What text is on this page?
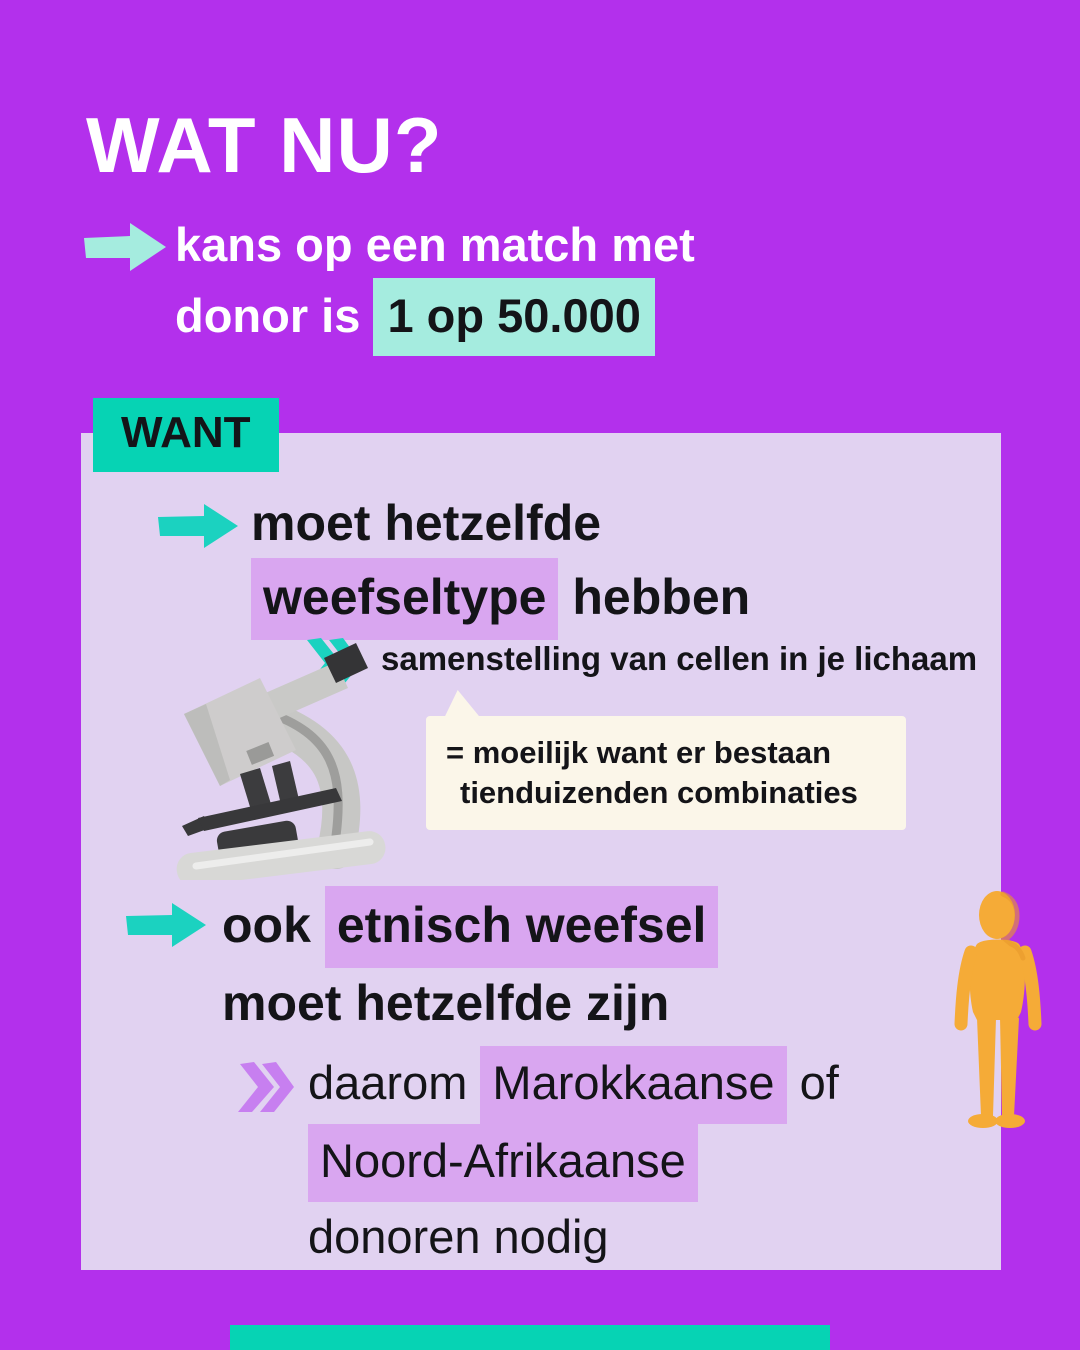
WAT NU?
kans op een match met
donor is 1 op 50.000
WANT
moet hetzelfde
weefseltype hebben
samenstelling van cellen in je lichaam
= moeilijk want er bestaan
tienduizenden combinaties
ook etnisch weefsel
moet hetzelfde zijn
daarom Marokkaanse of
Noord-Afrikaanse
donoren nodig
